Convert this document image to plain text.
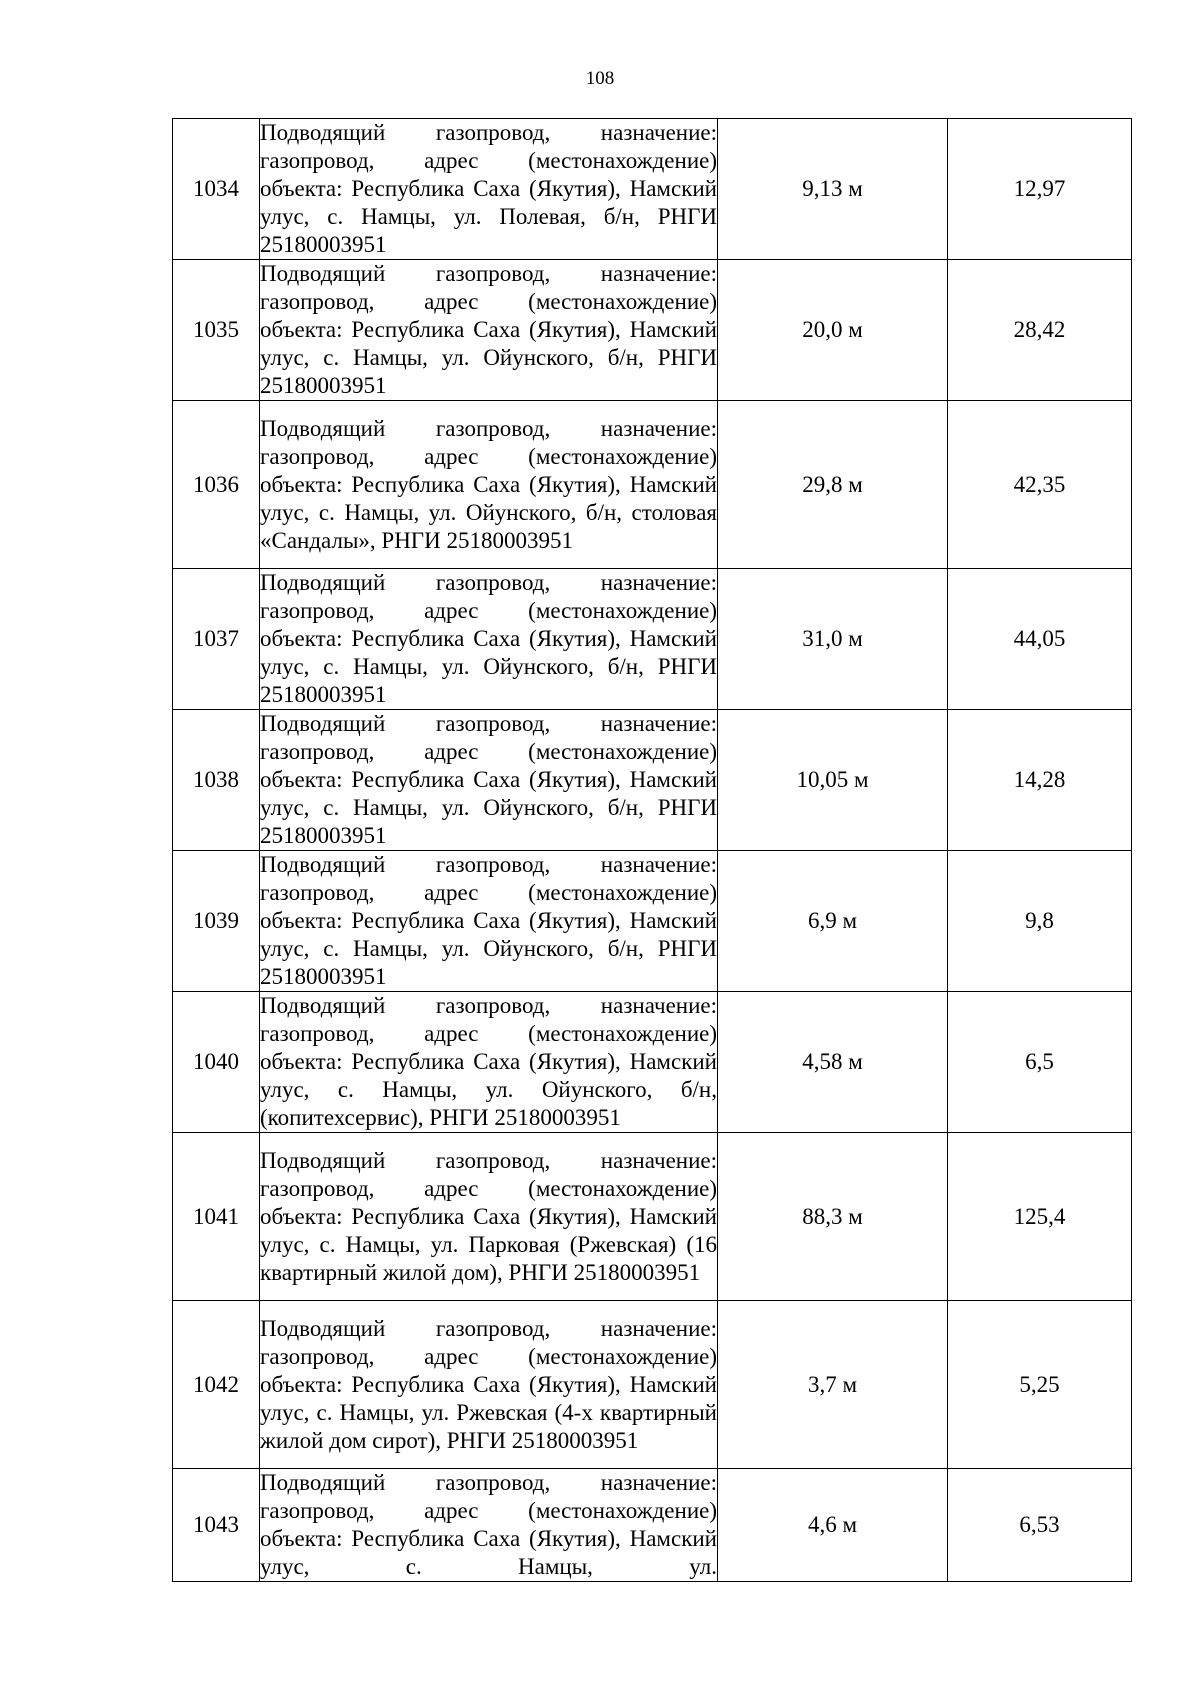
108
1034	Подводящий газопровод, назначение: газопровод, адрес (местонахождение) объекта: Республика Саха (Якутия), Намский улус, с. Намцы, ул. Полевая, б/н, РНГИ 25180003951	9,13 м	12,97
1035	Подводящий газопровод, назначение: газопровод, адрес (местонахождение) объекта: Республика Саха (Якутия), Намский улус, с. Намцы, ул. Ойунского, б/н, РНГИ 25180003951	20,0 м	28,42
1036	Подводящий газопровод, назначение: газопровод, адрес (местонахождение) объекта: Республика Саха (Якутия), Намский улус, с. Намцы, ул. Ойунского, б/н, столовая «Сандалы», РНГИ 25180003951	29,8 м	42,35
1037	Подводящий газопровод, назначение: газопровод, адрес (местонахождение) объекта: Республика Саха (Якутия), Намский улус, с. Намцы, ул. Ойунского, б/н, РНГИ 25180003951	31,0 м	44,05
1038	Подводящий газопровод, назначение: газопровод, адрес (местонахождение) объекта: Республика Саха (Якутия), Намский улус, с. Намцы, ул. Ойунского, б/н, РНГИ 25180003951	10,05 м	14,28
1039	Подводящий газопровод, назначение: газопровод, адрес (местонахождение) объекта: Республика Саха (Якутия), Намский улус, с. Намцы, ул. Ойунского, б/н, РНГИ 25180003951	6,9 м	9,8
1040	Подводящий газопровод, назначение: газопровод, адрес (местонахождение) объекта: Республика Саха (Якутия), Намский улус, с. Намцы, ул. Ойунского, б/н, (копитехсервис), РНГИ 25180003951	4,58 м	6,5
1041	Подводящий газопровод, назначение: газопровод, адрес (местонахождение) объекта: Республика Саха (Якутия), Намский улус, с. Намцы, ул. Парковая (Ржевская) (16 квартирный жилой дом), РНГИ 25180003951	88,3 м	125,4
1042	Подводящий газопровод, назначение: газопровод, адрес (местонахождение) объекта: Республика Саха (Якутия), Намский улус, с. Намцы, ул. Ржевская (4-х квартирный жилой дом сирот), РНГИ 25180003951	3,7 м	5,25
1043	Подводящий газопровод, назначение: газопровод, адрес (местонахождение) объекта: Республика Саха (Якутия), Намский улус, с. Намцы, ул.	4,6 м	6,53
